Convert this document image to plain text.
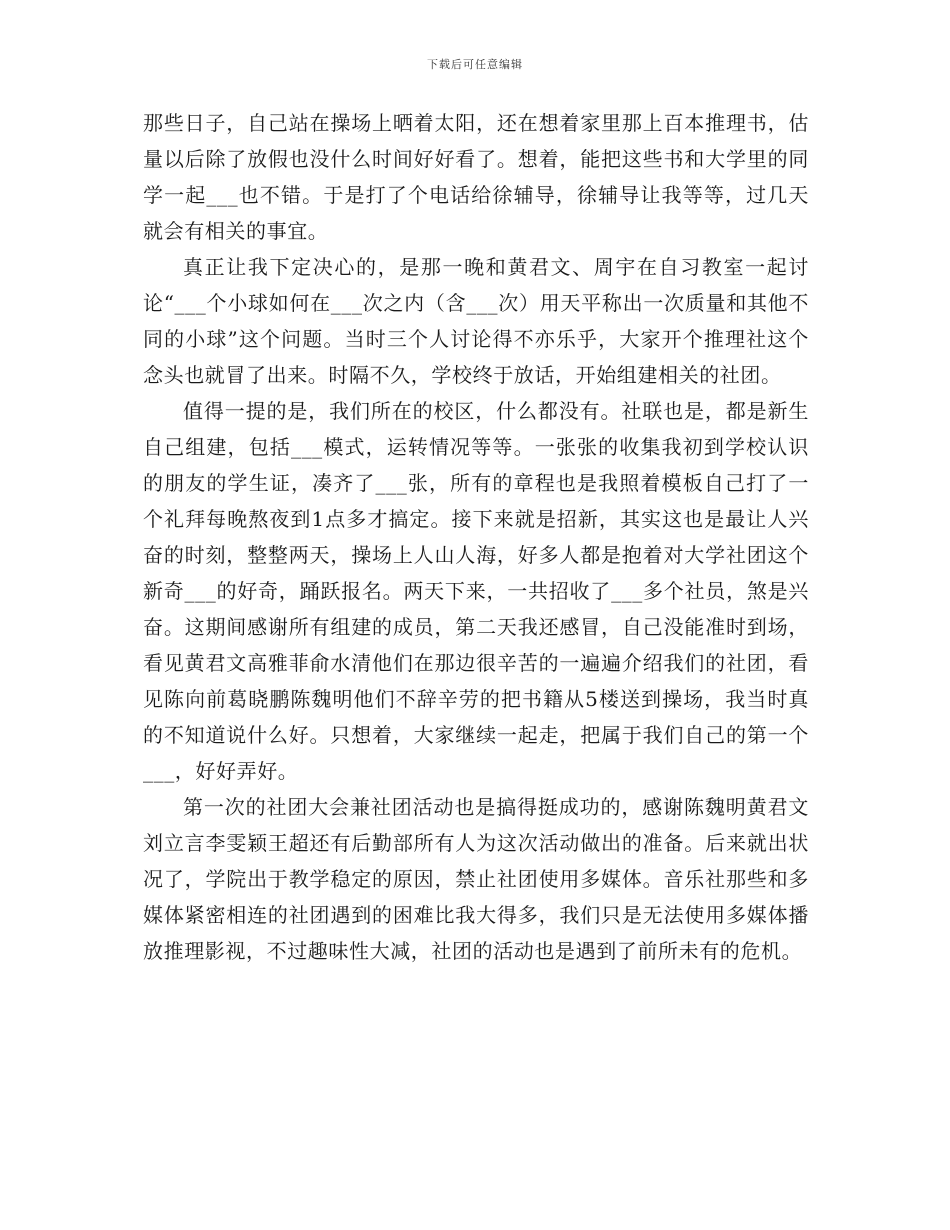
下载后可任意编辑

那些日子，自己站在操场上晒着太阳，还在想着家里那上百本推理书，估量以后除了放假也没什么时间好好看了。想着，能把这些书和大学里的同学一起___也不错。于是打了个电话给徐辅导，徐辅导让我等等，过几天就会有相关的事宜。

真正让我下定决心的，是那一晚和黄君文、周宇在自习教室一起讨论“___个小球如何在___次之内（含___次）用天平称出一次质量和其他不同的小球”这个问题。当时三个人讨论得不亦乐乎，大家开个推理社这个念头也就冒了出来。时隔不久，学校终于放话，开始组建相关的社团。

值得一提的是，我们所在的校区，什么都没有。社联也是，都是新生自己组建，包括___模式，运转情况等等。一张张的收集我初到学校认识的朋友的学生证，凑齐了___张，所有的章程也是我照着模板自己打了一个礼拜每晚熬夜到1点多才搞定。接下来就是招新，其实这也是最让人兴奋的时刻，整整两天，操场上人山人海，好多人都是抱着对大学社团这个新奇___的好奇，踊跃报名。两天下来，一共招收了___多个社员，煞是兴奋。这期间感谢所有组建的成员，第二天我还感冒，自己没能准时到场，看见黄君文高雅菲俞水清他们在那边很辛苦的一遍遍介绍我们的社团，看见陈向前葛晓鹏陈魏明他们不辞辛劳的把书籍从5楼送到操场，我当时真的不知道说什么好。只想着，大家继续一起走，把属于我们自己的第一个___，好好弄好。

第一次的社团大会兼社团活动也是搞得挺成功的，感谢陈魏明黄君文刘立言李雯颖王超还有后勤部所有人为这次活动做出的准备。后来就出状况了，学院出于教学稳定的原因，禁止社团使用多媒体。音乐社那些和多媒体紧密相连的社团遇到的困难比我大得多，我们只是无法使用多媒体播放推理影视，不过趣味性大减，社团的活动也是遇到了前所未有的危机。
